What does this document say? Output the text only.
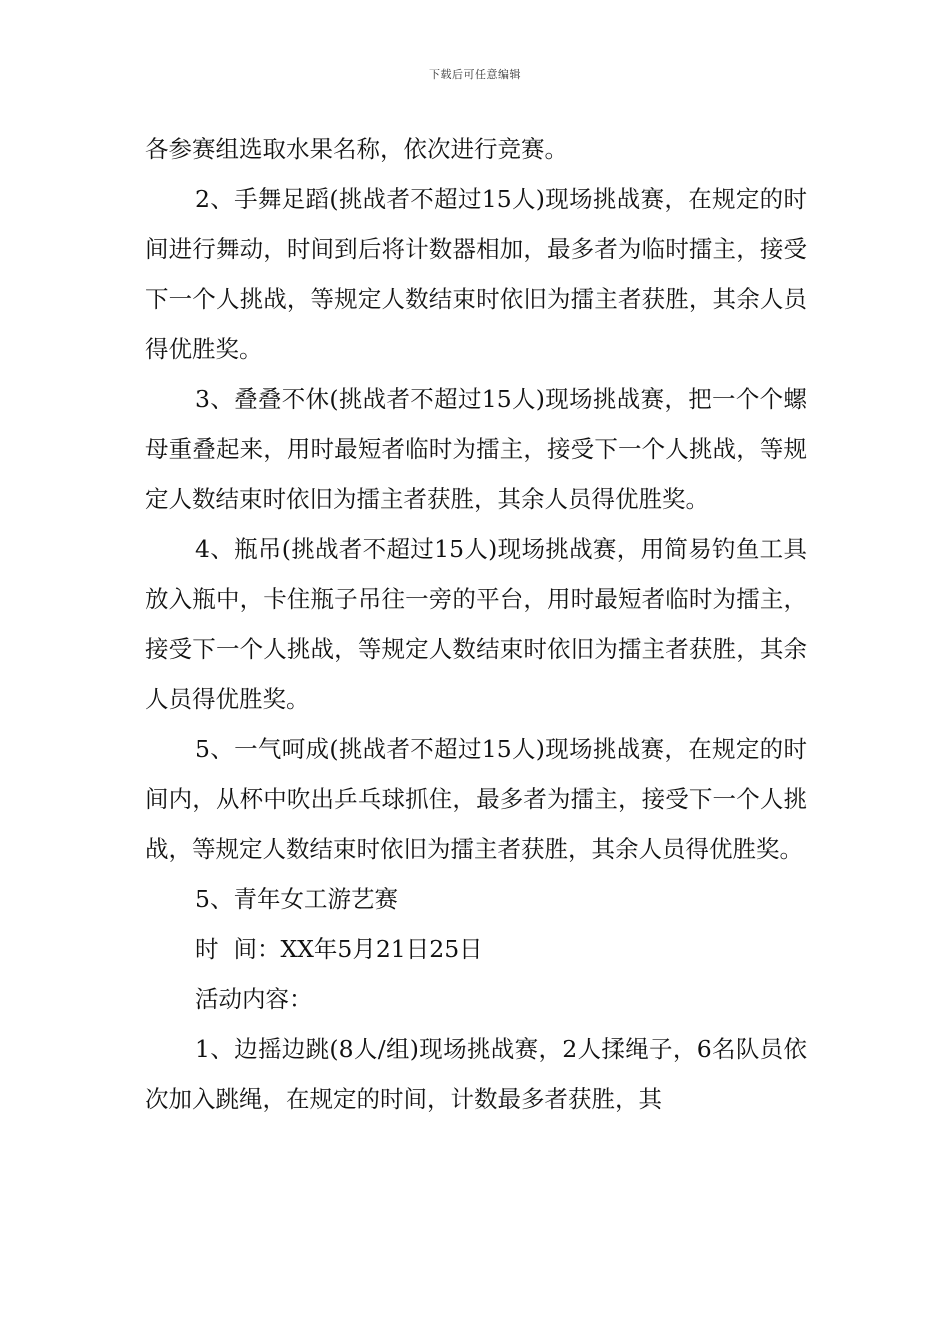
下载后可任意编辑

各参赛组选取水果名称，依次进行竞赛。

2、手舞足蹈(挑战者不超过15人)现场挑战赛，在规定的时间进行舞动，时间到后将计数器相加，最多者为临时擂主，接受下一个人挑战，等规定人数结束时依旧为擂主者获胜，其余人员得优胜奖。

3、叠叠不休(挑战者不超过15人)现场挑战赛，把一个个螺母重叠起来，用时最短者临时为擂主，接受下一个人挑战，等规定人数结束时依旧为擂主者获胜，其余人员得优胜奖。

4、瓶吊(挑战者不超过15人)现场挑战赛，用简易钓鱼工具放入瓶中，卡住瓶子吊往一旁的平台，用时最短者临时为擂主，接受下一个人挑战，等规定人数结束时依旧为擂主者获胜，其余人员得优胜奖。

5、一气呵成(挑战者不超过15人)现场挑战赛，在规定的时间内，从杯中吹出乒乓球抓住，最多者为擂主，接受下一个人挑战，等规定人数结束时依旧为擂主者获胜，其余人员得优胜奖。

5、青年女工游艺赛

时  间：XX年5月21日25日

活动内容：

1、边摇边跳(8人/组)现场挑战赛，2人揉绳子，6名队员依次加入跳绳，在规定的时间，计数最多者获胜，其
